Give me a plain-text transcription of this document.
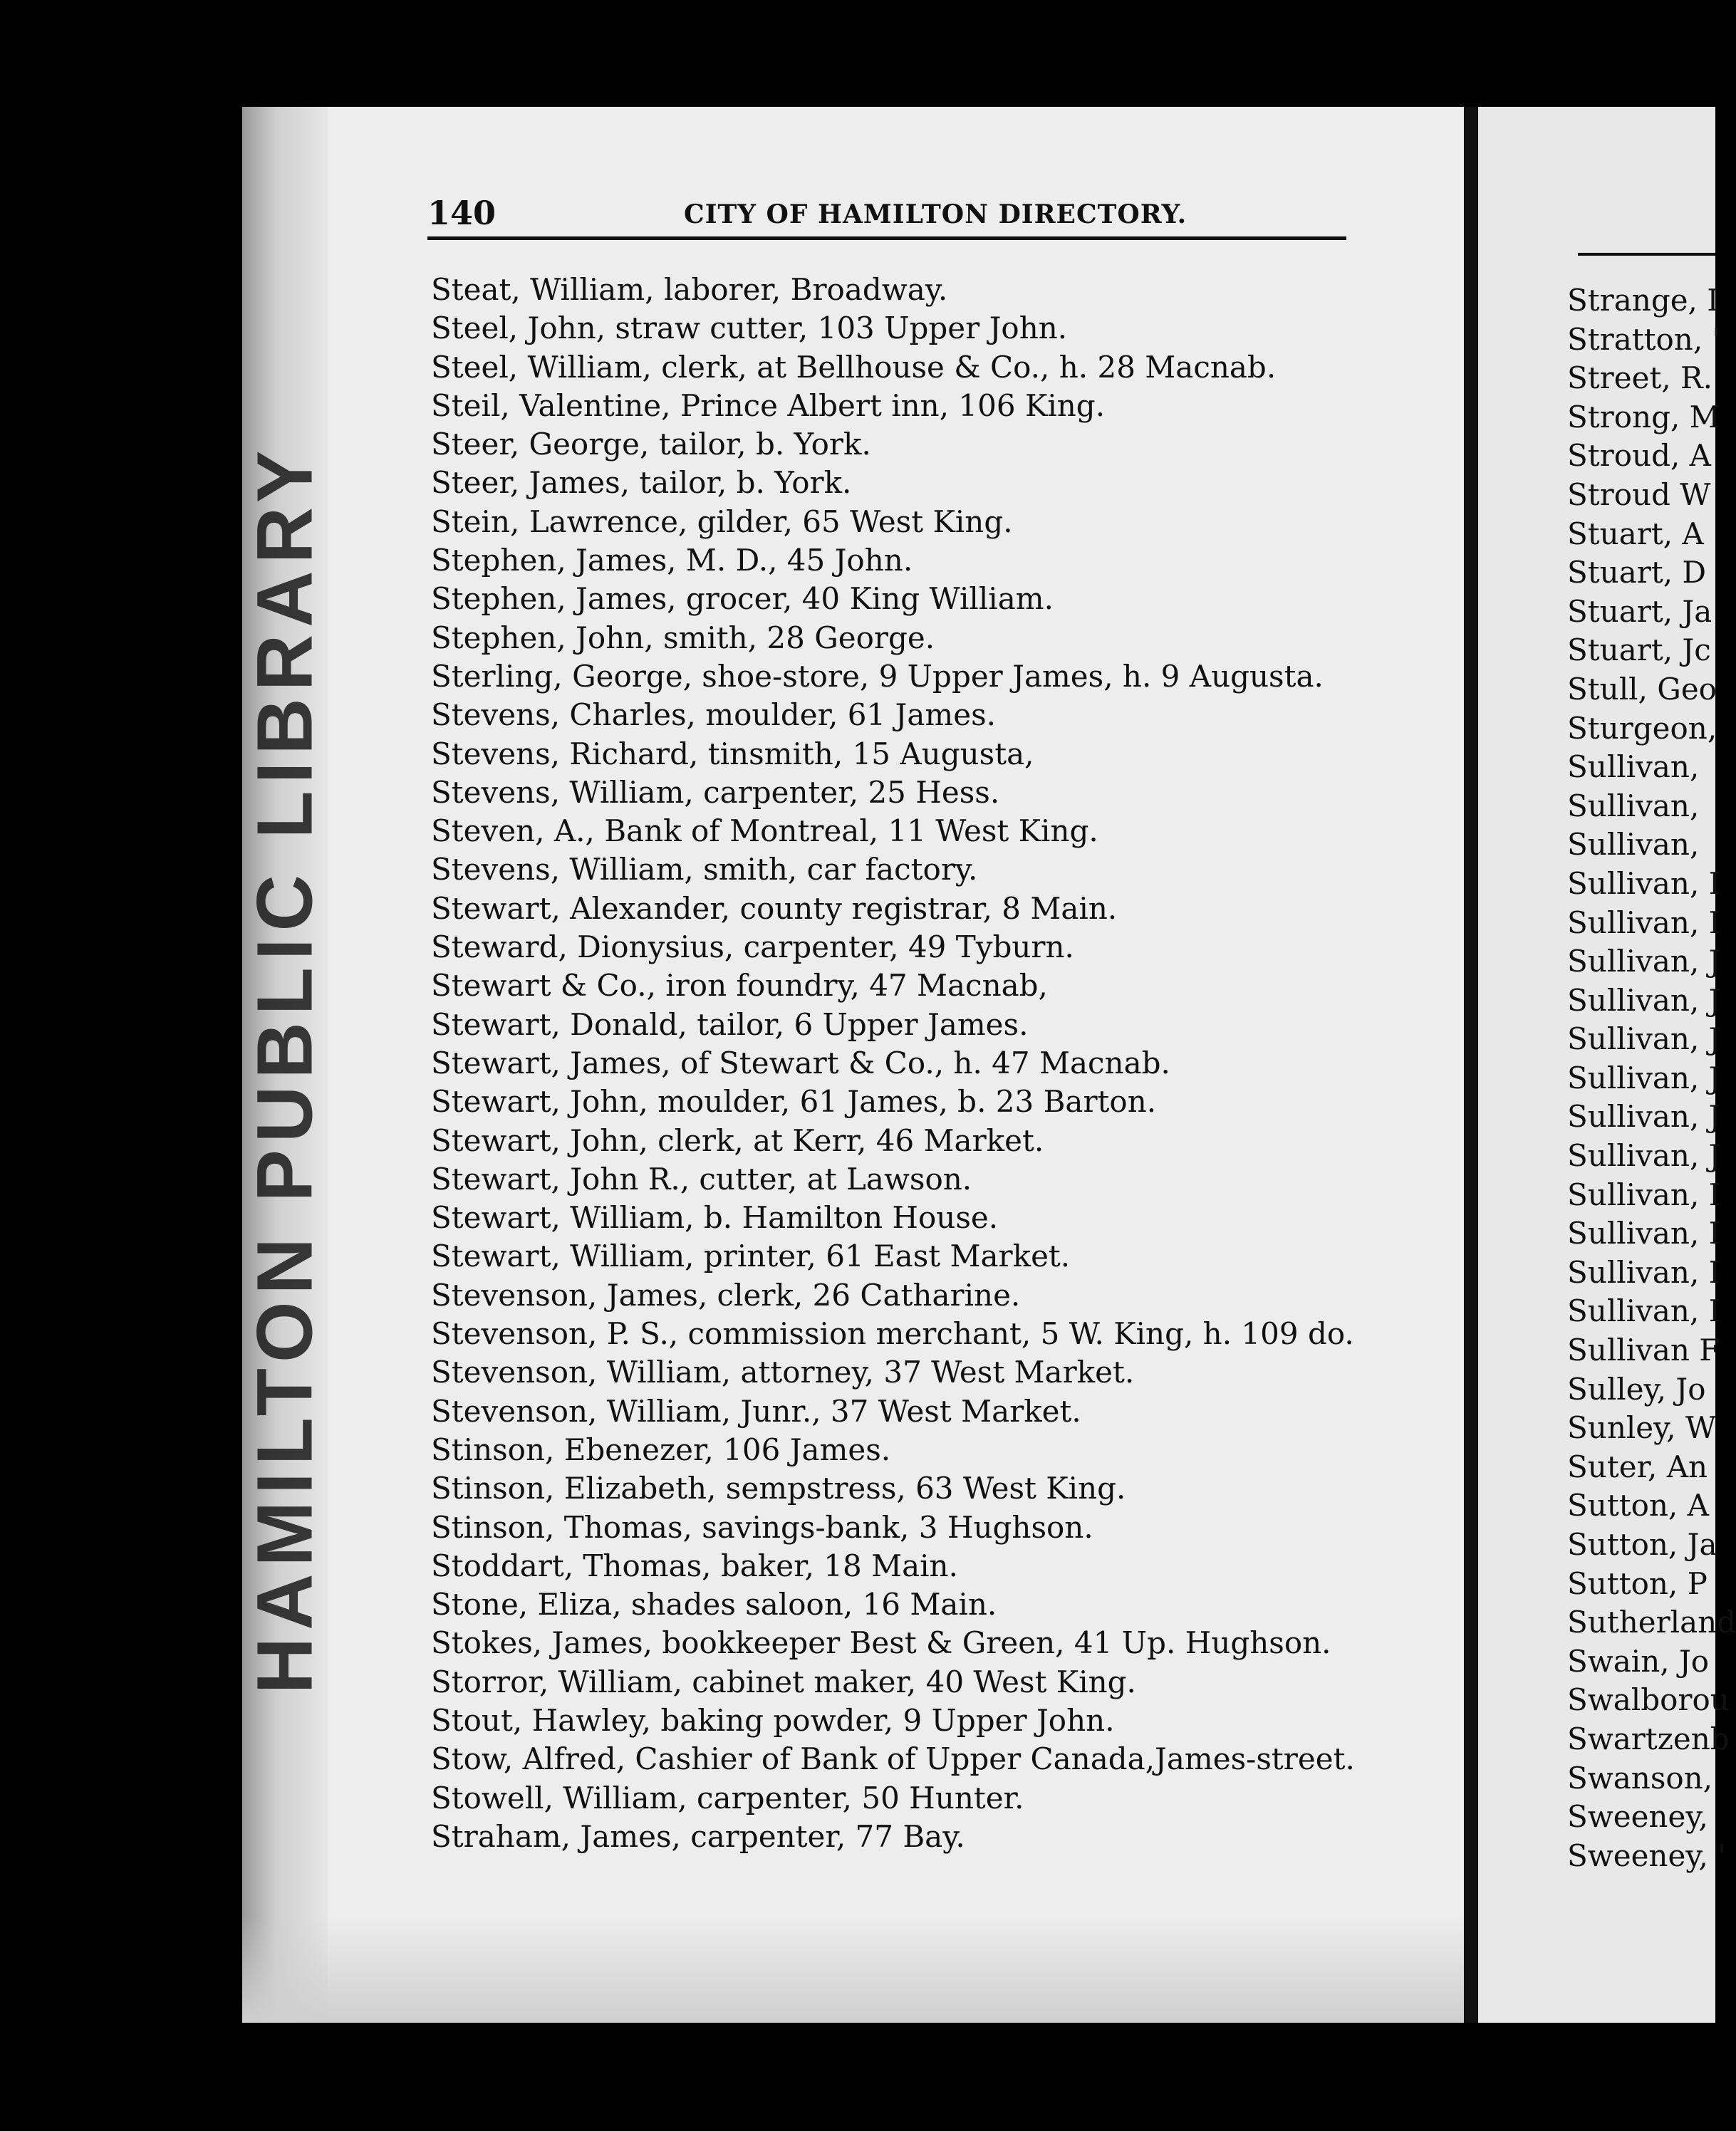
HAMILTON PUBLIC LIBRARY
140	CITY OF HAMILTON DIRECTORY.
Steat, William, laborer, Broadway.
Steel, John, straw cutter, 103 Upper John.
Steel, William, clerk, at Bellhouse & Co., h. 28 Macnab.
Steil, Valentine, Prince Albert inn, 106 King.
Steer, George, tailor, b. York.
Steer, James, tailor, b. York.
Stein, Lawrence, gilder, 65 West King.
Stephen, James, M. D., 45 John.
Stephen, James, grocer, 40 King William.
Stephen, John, smith, 28 George.
Sterling, George, shoe-store, 9 Upper James, h. 9 Augusta.
Stevens, Charles, moulder, 61 James.
Stevens, Richard, tinsmith, 15 Augusta,
Stevens, William, carpenter, 25 Hess.
Steven, A., Bank of Montreal, 11 West King.
Stevens, William, smith, car factory.
Stewart, Alexander, county registrar, 8 Main.
Steward, Dionysius, carpenter, 49 Tyburn.
Stewart & Co., iron foundry, 47 Macnab,
Stewart, Donald, tailor, 6 Upper James.
Stewart, James, of Stewart & Co., h. 47 Macnab.
Stewart, John, moulder, 61 James, b. 23 Barton.
Stewart, John, clerk, at Kerr, 46 Market.
Stewart, John R., cutter, at Lawson.
Stewart, William, b. Hamilton House.
Stewart, William, printer, 61 East Market.
Stevenson, James, clerk, 26 Catharine.
Stevenson, P. S., commission merchant, 5 W. King, h. 109 do.
Stevenson, William, attorney, 37 West Market.
Stevenson, William, Junr., 37 West Market.
Stinson, Ebenezer, 106 James.
Stinson, Elizabeth, sempstress, 63 West King.
Stinson, Thomas, savings-bank, 3 Hughson.
Stoddart, Thomas, baker, 18 Main.
Stone, Eliza, shades saloon, 16 Main.
Stokes, James, bookkeeper Best & Green, 41 Up. Hughson.
Storror, William, cabinet maker, 40 West King.
Stout, Hawley, baking powder, 9 Upper John.
Stow, Alfred, Cashier of Bank of Upper Canada,James-street.
Stowell, William, carpenter, 50 Hunter.
Straham, James, carpenter, 77 Bay.
Strange, I
Stratton, '
Street, R.
Strong, M
Stroud, A
Stroud W
Stuart, A
Stuart, D
Stuart, Ja
Stuart, Jc
Stull, Geo
Sturgeon,
Sullivan,
Sullivan,
Sullivan,
Sullivan, I
Sullivan, I
Sullivan, J
Sullivan, J
Sullivan, J
Sullivan, J
Sullivan, J
Sullivan, J
Sullivan, I
Sullivan, I
Sullivan, I
Sullivan, I
Sullivan F
Sulley, Jo
Sunley, W
Suter, An
Sutton, A
Sutton, Ja
Sutton, P
Sutherland
Swain, Jo
Swalborou
Swartzenb
Swanson,
Sweeney,
Sweeney, '
